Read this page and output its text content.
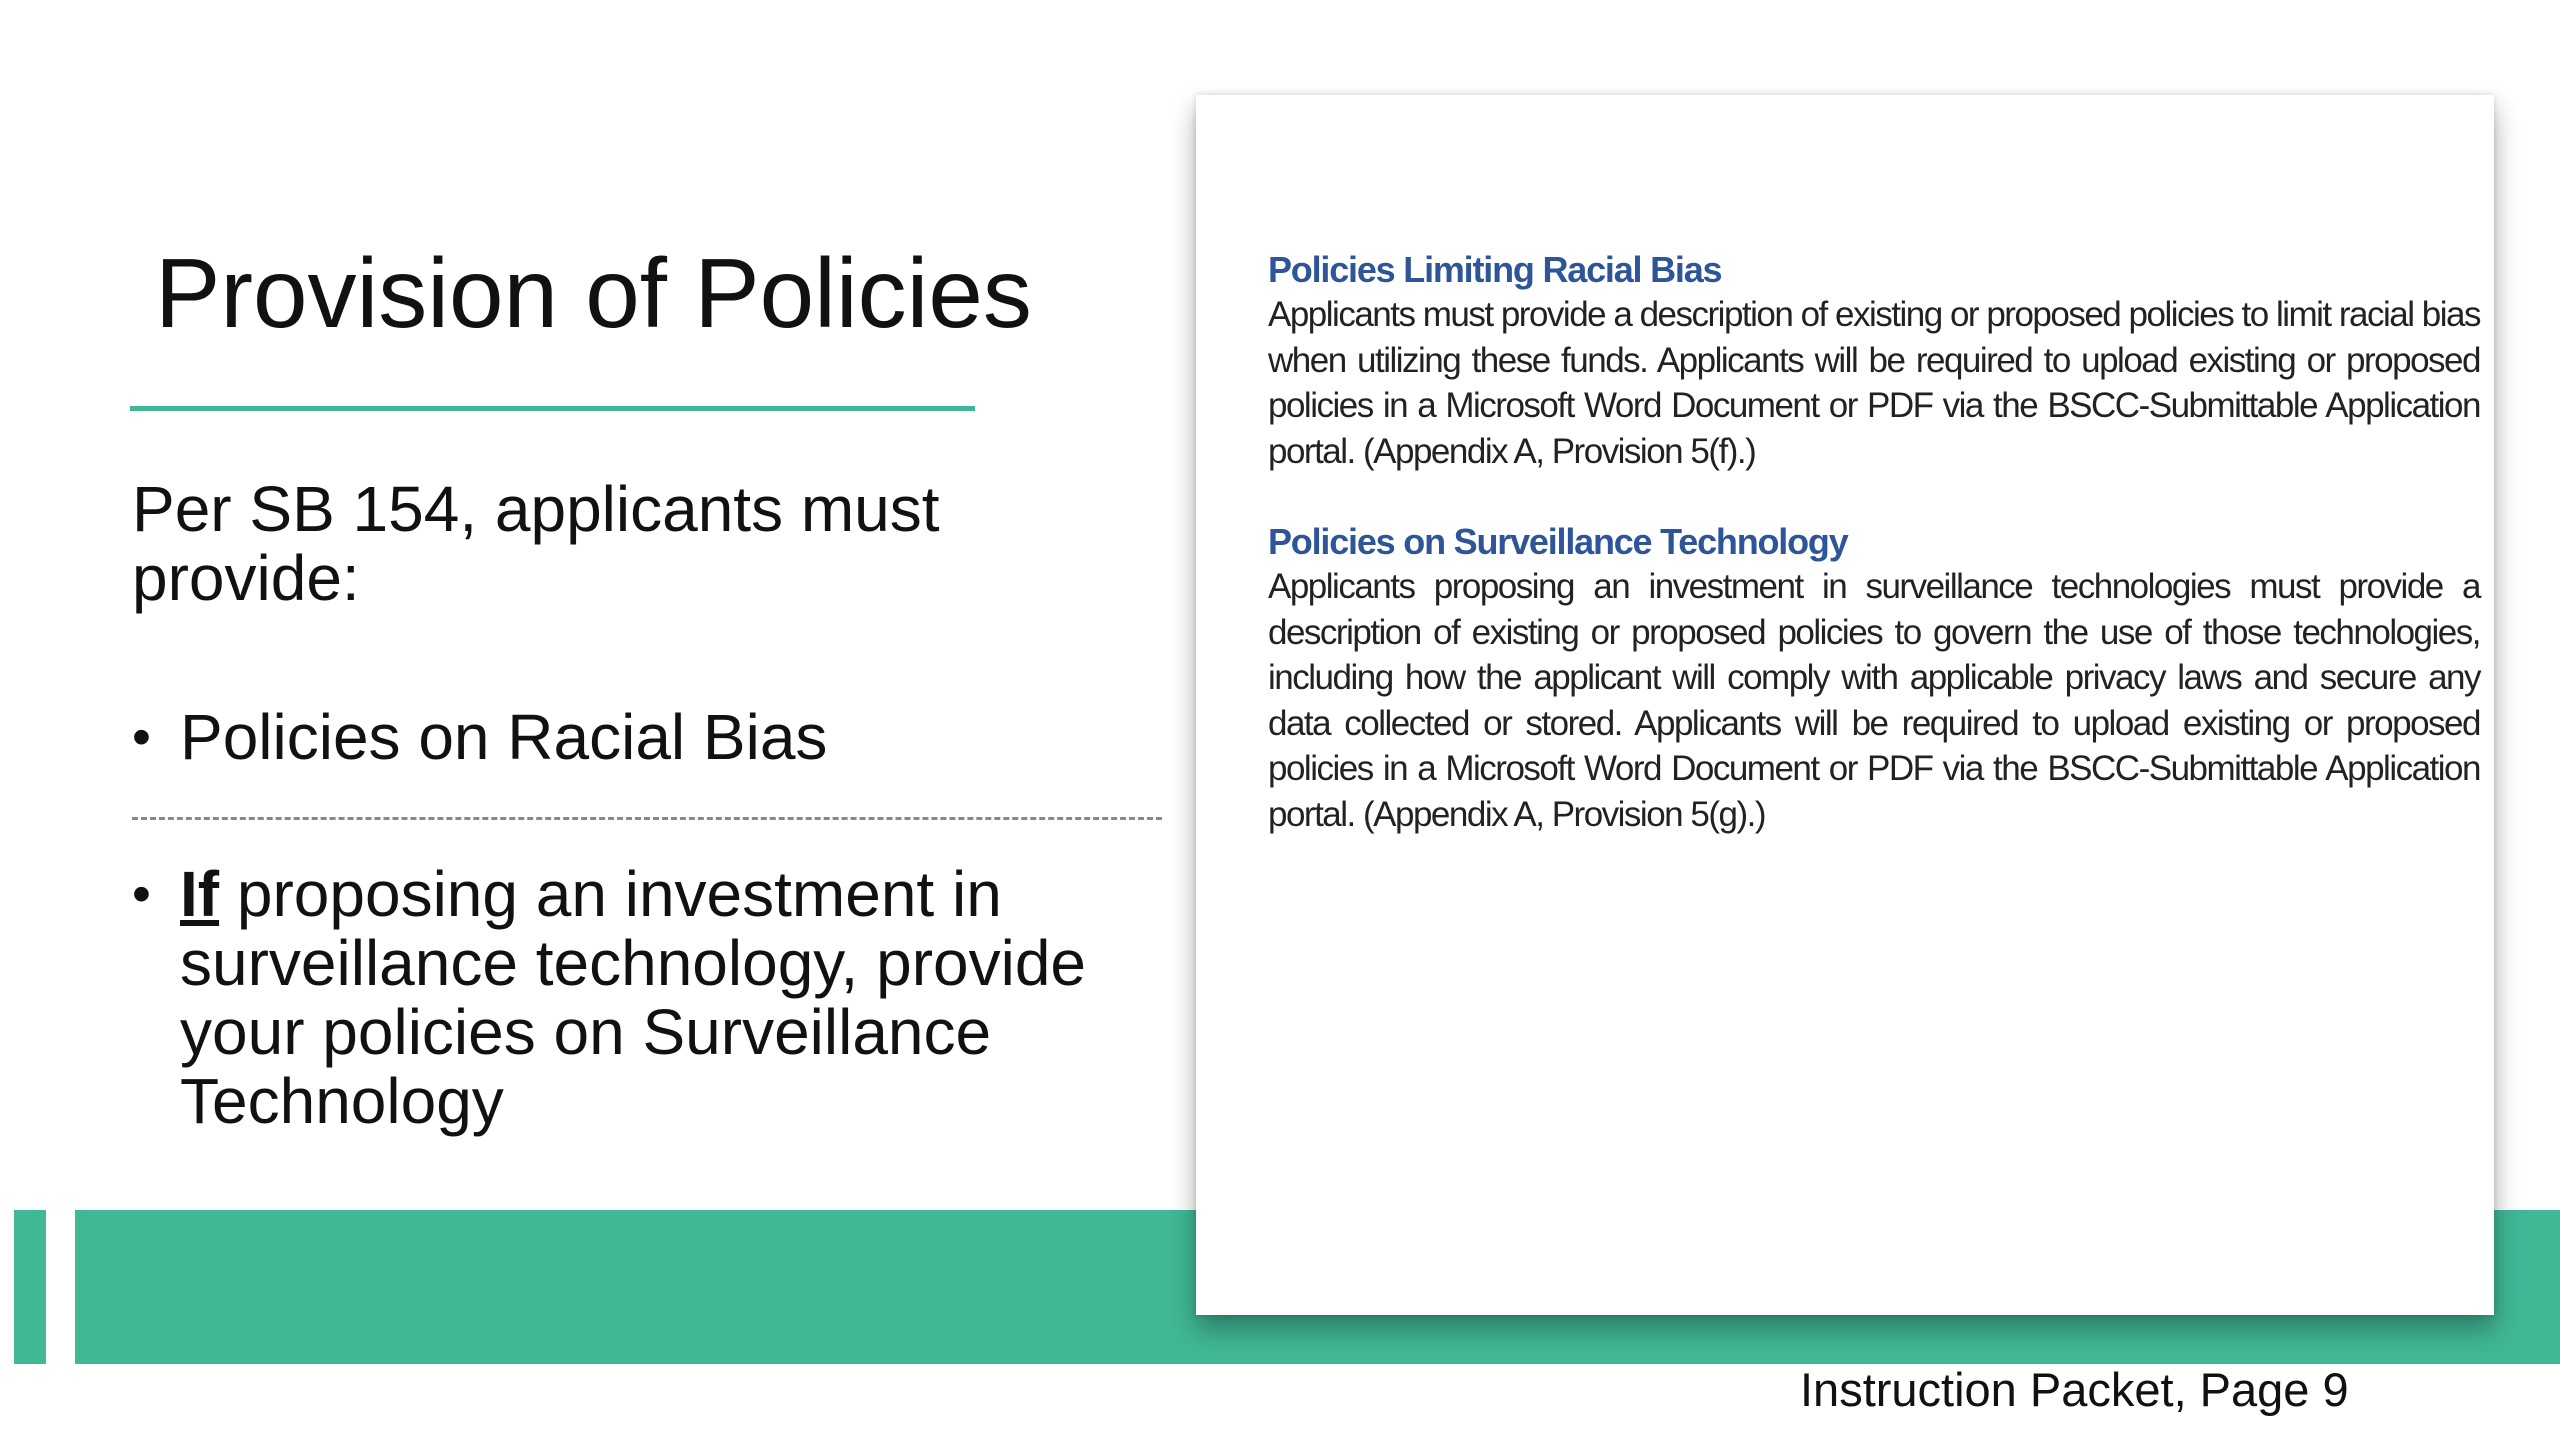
Provision of Policies
Per SB 154, applicants must provide:
• Policies on Racial Bias
• If proposing an investment in surveillance technology, provide your policies on Surveillance Technology
Policies Limiting Racial Bias

Applicants must provide a description of existing or proposed policies to limit racial bias when utilizing these funds. Applicants will be required to upload existing or proposed policies in a Microsoft Word Document or PDF via the BSCC-Submittable Application portal. (Appendix A, Provision 5(f).)

Policies on Surveillance Technology

Applicants proposing an investment in surveillance technologies must provide a description of existing or proposed policies to govern the use of those technologies, including how the applicant will comply with applicable privacy laws and secure any data collected or stored. Applicants will be required to upload existing or proposed policies in a Microsoft Word Document or PDF via the BSCC-Submittable Application portal. (Appendix A, Provision 5(g).)

Instruction Packet, Page 9
